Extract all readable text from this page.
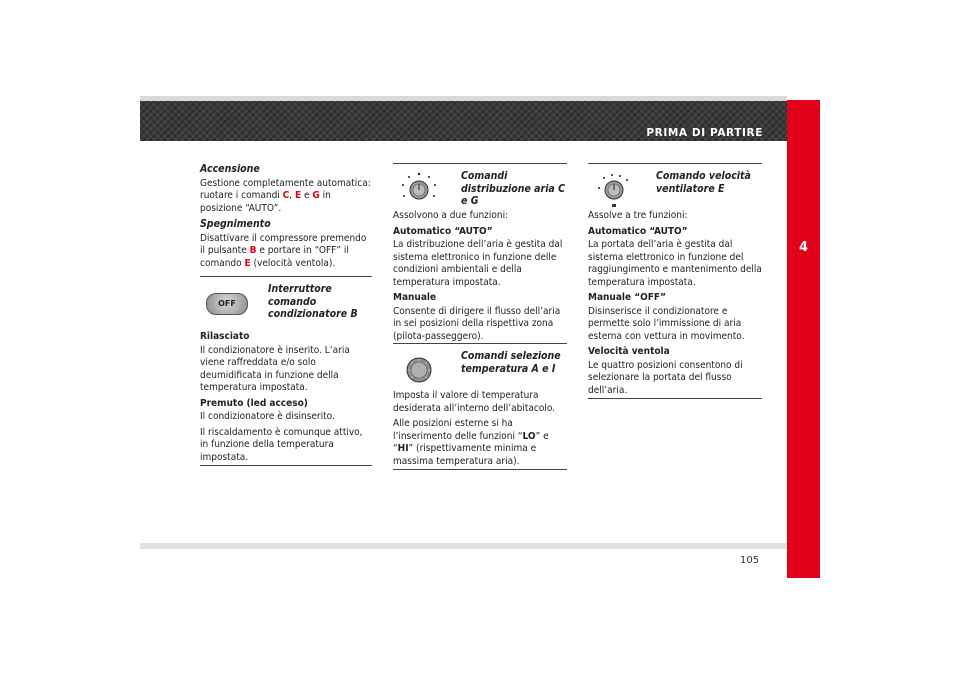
PRIMA DI PARTIRE
4
105

Accensione

Gestione completamente automatica: ruotare i comandi C, E e G in posizione “AUTO”.

Spegnimento

Disattivare il compressore premendo il pulsante B e portare in “OFF” il comando E (velocità ventola).

OFF
Interruttore comando condizionatore B

Rilasciato

Il condizionatore è inserito. L’aria viene raffreddata e/o solo deumidificata in funzione della temperatura impostata.

Premuto (led acceso)

Il condizionatore è disinserito.

Il riscaldamento è comunque attivo, in funzione della temperatura impostata.

Comandi distribuzione aria C e G

Assolvono a due funzioni:

Automatico “AUTO”

La distribuzione dell’aria è gestita dal sistema elettronico in funzione delle condizioni ambientali e della temperatura impostata.

Manuale

Consente di dirigere il flusso dell’aria in sei posizioni della rispettiva zona (pilota-passeggero).

Comandi selezione temperatura A e I

Imposta il valore di temperatura desiderata all’interno dell’abitacolo.

Alle posizioni esterne si ha l’inserimento delle funzioni “LO” e “HI” (rispettivamente minima e massima temperatura aria).

Comando velocità ventilatore E

Assolve a tre funzioni:

Automatico “AUTO”

La portata dell’aria è gestita dal sistema elettronico in funzione del raggiungimento e mantenimento della temperatura impostata.

Manuale “OFF”

Disinserisce il condizionatore e permette solo l’immissione di aria esterna con vettura in movimento.

Velocità ventola

Le quattro posizioni consentono di selezionare la portata del flusso dell’aria.
